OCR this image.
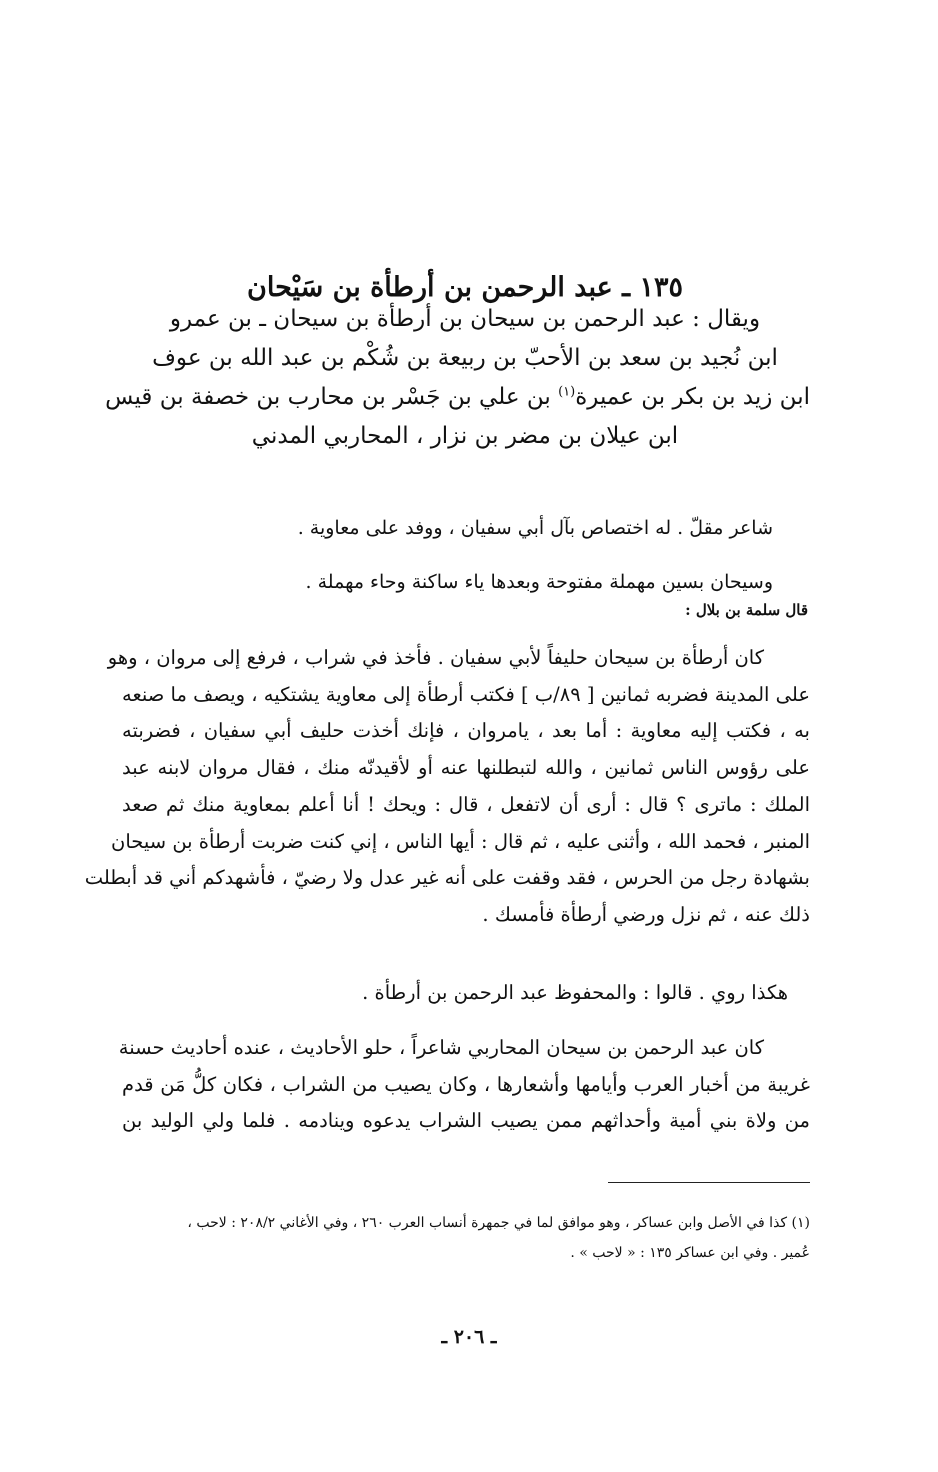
١٣٥ ـ عبد الرحمن بن أرطأة بن سَيْحان
ويقال : عبد الرحمن بن سيحان بن أرطأة بن سيحان ـ بن عمرو
ابن نُجيد بن سعد بن الأحبّ بن ربيعة بن شُكْم بن عبد الله بن عوف
ابن زيد بن بكر بن عميرة$^{(١)}$ بن علي بن جَسْر بن محارب بن خصفة بن قيس
ابن عيلان بن مضر بن نزار ، المحاربي المدني

شاعر مقلّ . له اختصاص بآل أبي سفيان ، ووفد على معاوية .

وسيحان بسين مهملة مفتوحة وبعدها ياء ساكنة وحاء مهملة .

قال سلمة بن بلال :
كان أرطأة بن سيحان حليفاً لأبي سفيان . فأخذ في شراب ، فرفع إلى مروان ، وهو
على المدينة فضربه ثمانين [ ٨٩/ب ] فكتب أرطأة إلى معاوية يشتكيه ، ويصف ما صنعه
به ، فكتب إليه معاوية : أما بعد ، يامروان ، فإنك أخذت حليف أبي سفيان ، فضربته
على رؤوس الناس ثمانين ، والله لتبطلنها عنه أو لأقيدنّه منك ، فقال مروان لابنه عبد
الملك : ماترى ؟ قال : أرى أن لاتفعل ، قال : ويحك ! أنا أعلم بمعاوية منك ثم صعد
المنبر ، فحمد الله ، وأثنى عليه ، ثم قال : أيها الناس ، إني كنت ضربت أرطأة بن سيحان
بشهادة رجل من الحرس ، فقد وقفت على أنه غير عدل ولا رضيّ ، فأشهدكم أني قد أبطلت
ذلك عنه ، ثم نزل ورضي أرطأة فأمسك .
هكذا روي . قالوا : والمحفوظ عبد الرحمن بن أرطأة .
كان عبد الرحمن بن سيحان المحاربي شاعراً ، حلو الأحاديث ، عنده أحاديث حسنة
غريبة من أخبار العرب وأيامها وأشعارها ، وكان يصيب من الشراب ، فكان كلُّ مَن قدم
من ولاة بني أمية وأحداثهم ممن يصيب الشراب يدعوه وينادمه . فلما ولي الوليد بن
(١) كذا في الأصل وابن عساكر ، وهو موافق لما في جمهرة أنساب العرب ٢٦٠ ، وفي الأغاني ٢٠٨/٢ : لاحب ،
عُمير . وفي ابن عساكر ١٣٥ : « لاحب » .
ـ ٢٠٦ ـ
